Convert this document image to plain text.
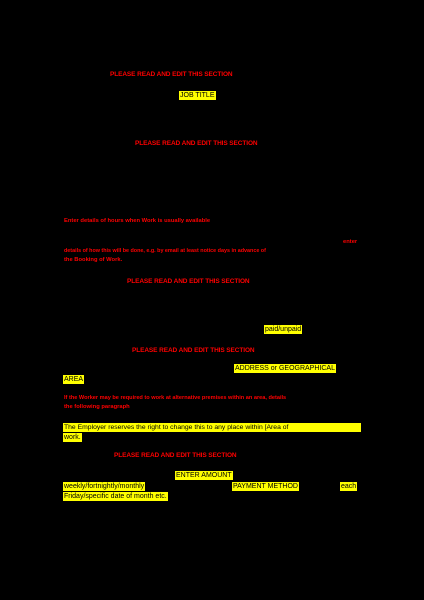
PLEASE READ AND EDIT THIS SECTION
JOB TITLE
PLEASE READ AND EDIT THIS SECTION
Enter details of hours when Work is usually available
enter
details of how this will be done, e.g. by email at least notice days in advance of
the Booking of Work.
PLEASE READ AND EDIT THIS SECTION
paid/unpaid
PLEASE READ AND EDIT THIS SECTION
ADDRESS or GEOGRAPHICAL
AREA
If the Worker may be required to work at alternative premises within an area, details
the following paragraph
The Employer reserves the right to change this to any place within [Area of
work.
PLEASE READ AND EDIT THIS SECTION
ENTER AMOUNT
weekly/fortnightly/monthly	PAYMENT METHOD	each
Friday/specific date of month etc.
